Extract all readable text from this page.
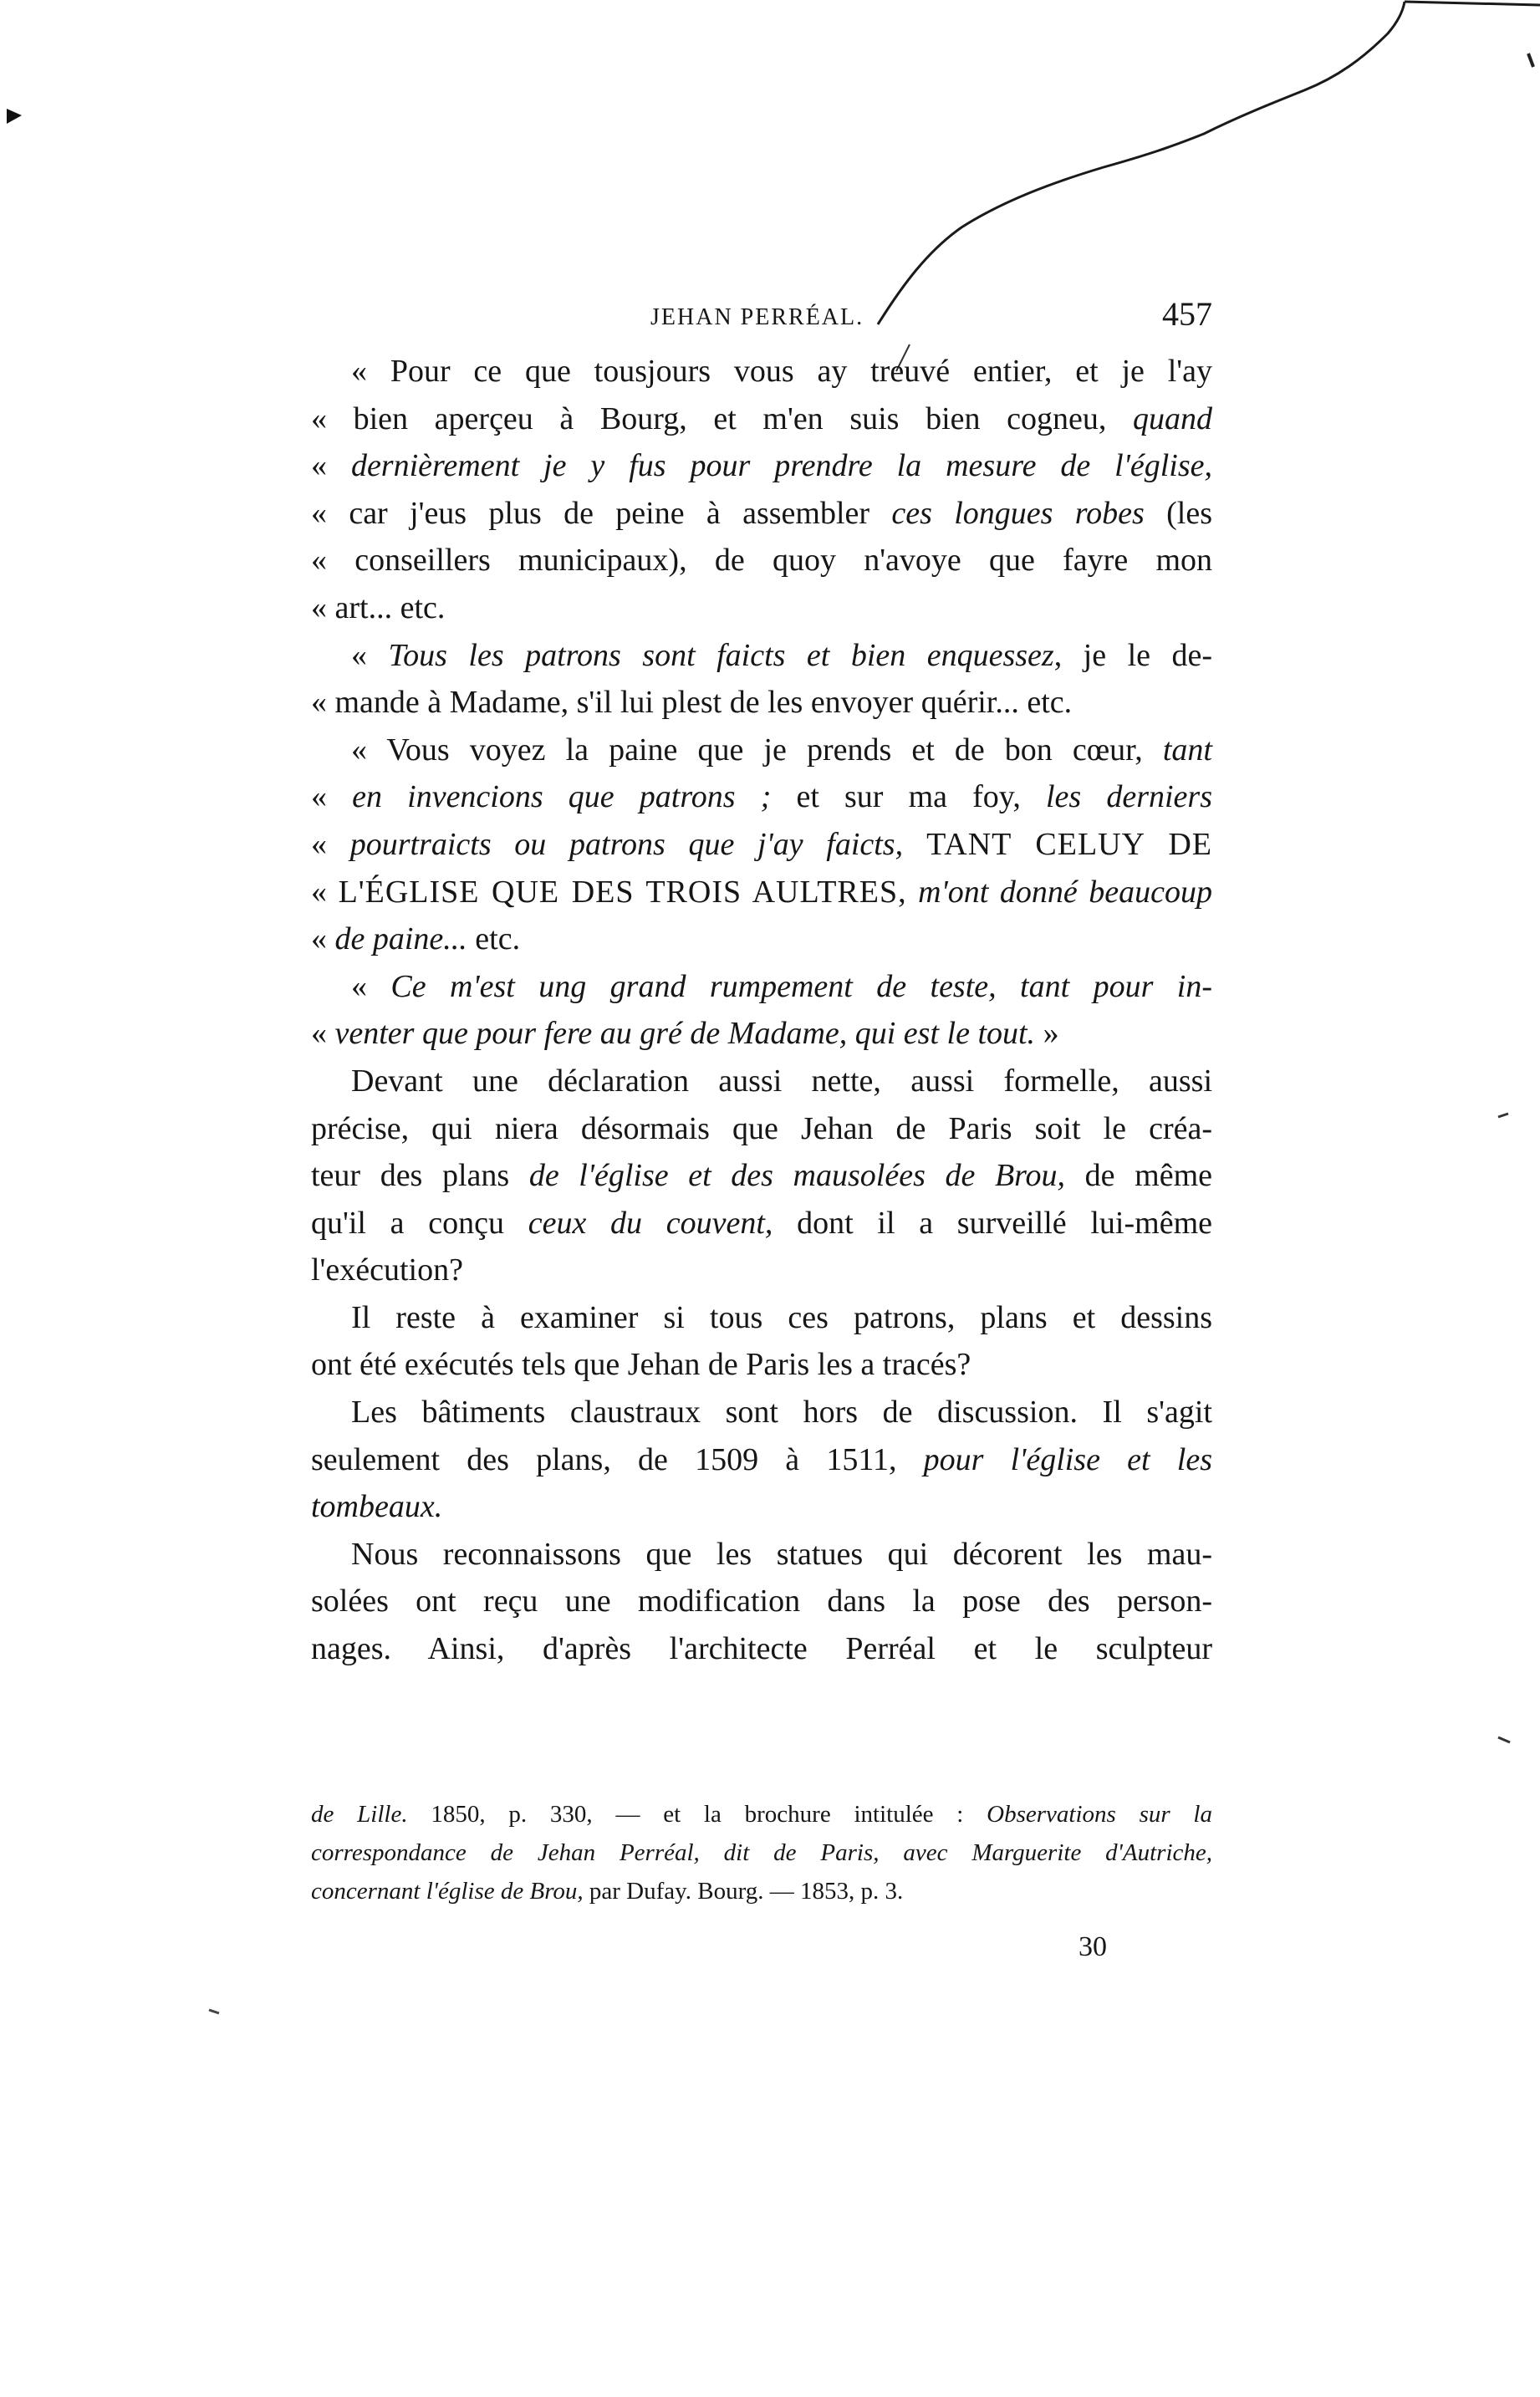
JEHAN PERRÉAL.	457
« Pour ce que tousjours vous ay treuvé entier, et je l'ay
« bien aperçeu à Bourg, et m'en suis bien cogneu, quand
« dernièrement je y fus pour prendre la mesure de l'église,
« car j'eus plus de peine à assembler ces longues robes (les
« conseillers municipaux), de quoy n'avoye que fayre mon
« art... etc.
« Tous les patrons sont faicts et bien enquessez, je le de-
« mande à Madame, s'il lui plest de les envoyer quérir... etc.
« Vous voyez la paine que je prends et de bon cœur, tant
« en invencions que patrons ; et sur ma foy, les derniers
« pourtraicts ou patrons que j'ay faicts, TANT CELUY DE
« L'ÉGLISE QUE DES TROIS AULTRES, m'ont donné beaucoup
« de paine... etc.
« Ce m'est ung grand rumpement de teste, tant pour in-
« venter que pour fere au gré de Madame, qui est le tout. »
Devant une déclaration aussi nette, aussi formelle, aussi
précise, qui niera désormais que Jehan de Paris soit le créa-
teur des plans de l'église et des mausolées de Brou, de même
qu'il a conçu ceux du couvent, dont il a surveillé lui-même
l'exécution?
Il reste à examiner si tous ces patrons, plans et dessins
ont été exécutés tels que Jehan de Paris les a tracés?
Les bâtiments claustraux sont hors de discussion. Il s'agit
seulement des plans, de 1509 à 1511, pour l'église et les
tombeaux.
Nous reconnaissons que les statues qui décorent les mau-
solées ont reçu une modification dans la pose des person-
nages. Ainsi, d'après l'architecte Perréal et le sculpteur
de Lille. 1850, p. 330, — et la brochure intitulée : Observations sur la
correspondance de Jehan Perréal, dit de Paris, avec Marguerite d'Autriche,
concernant l'église de Brou, par Dufay. Bourg. — 1853, p. 3.
30
